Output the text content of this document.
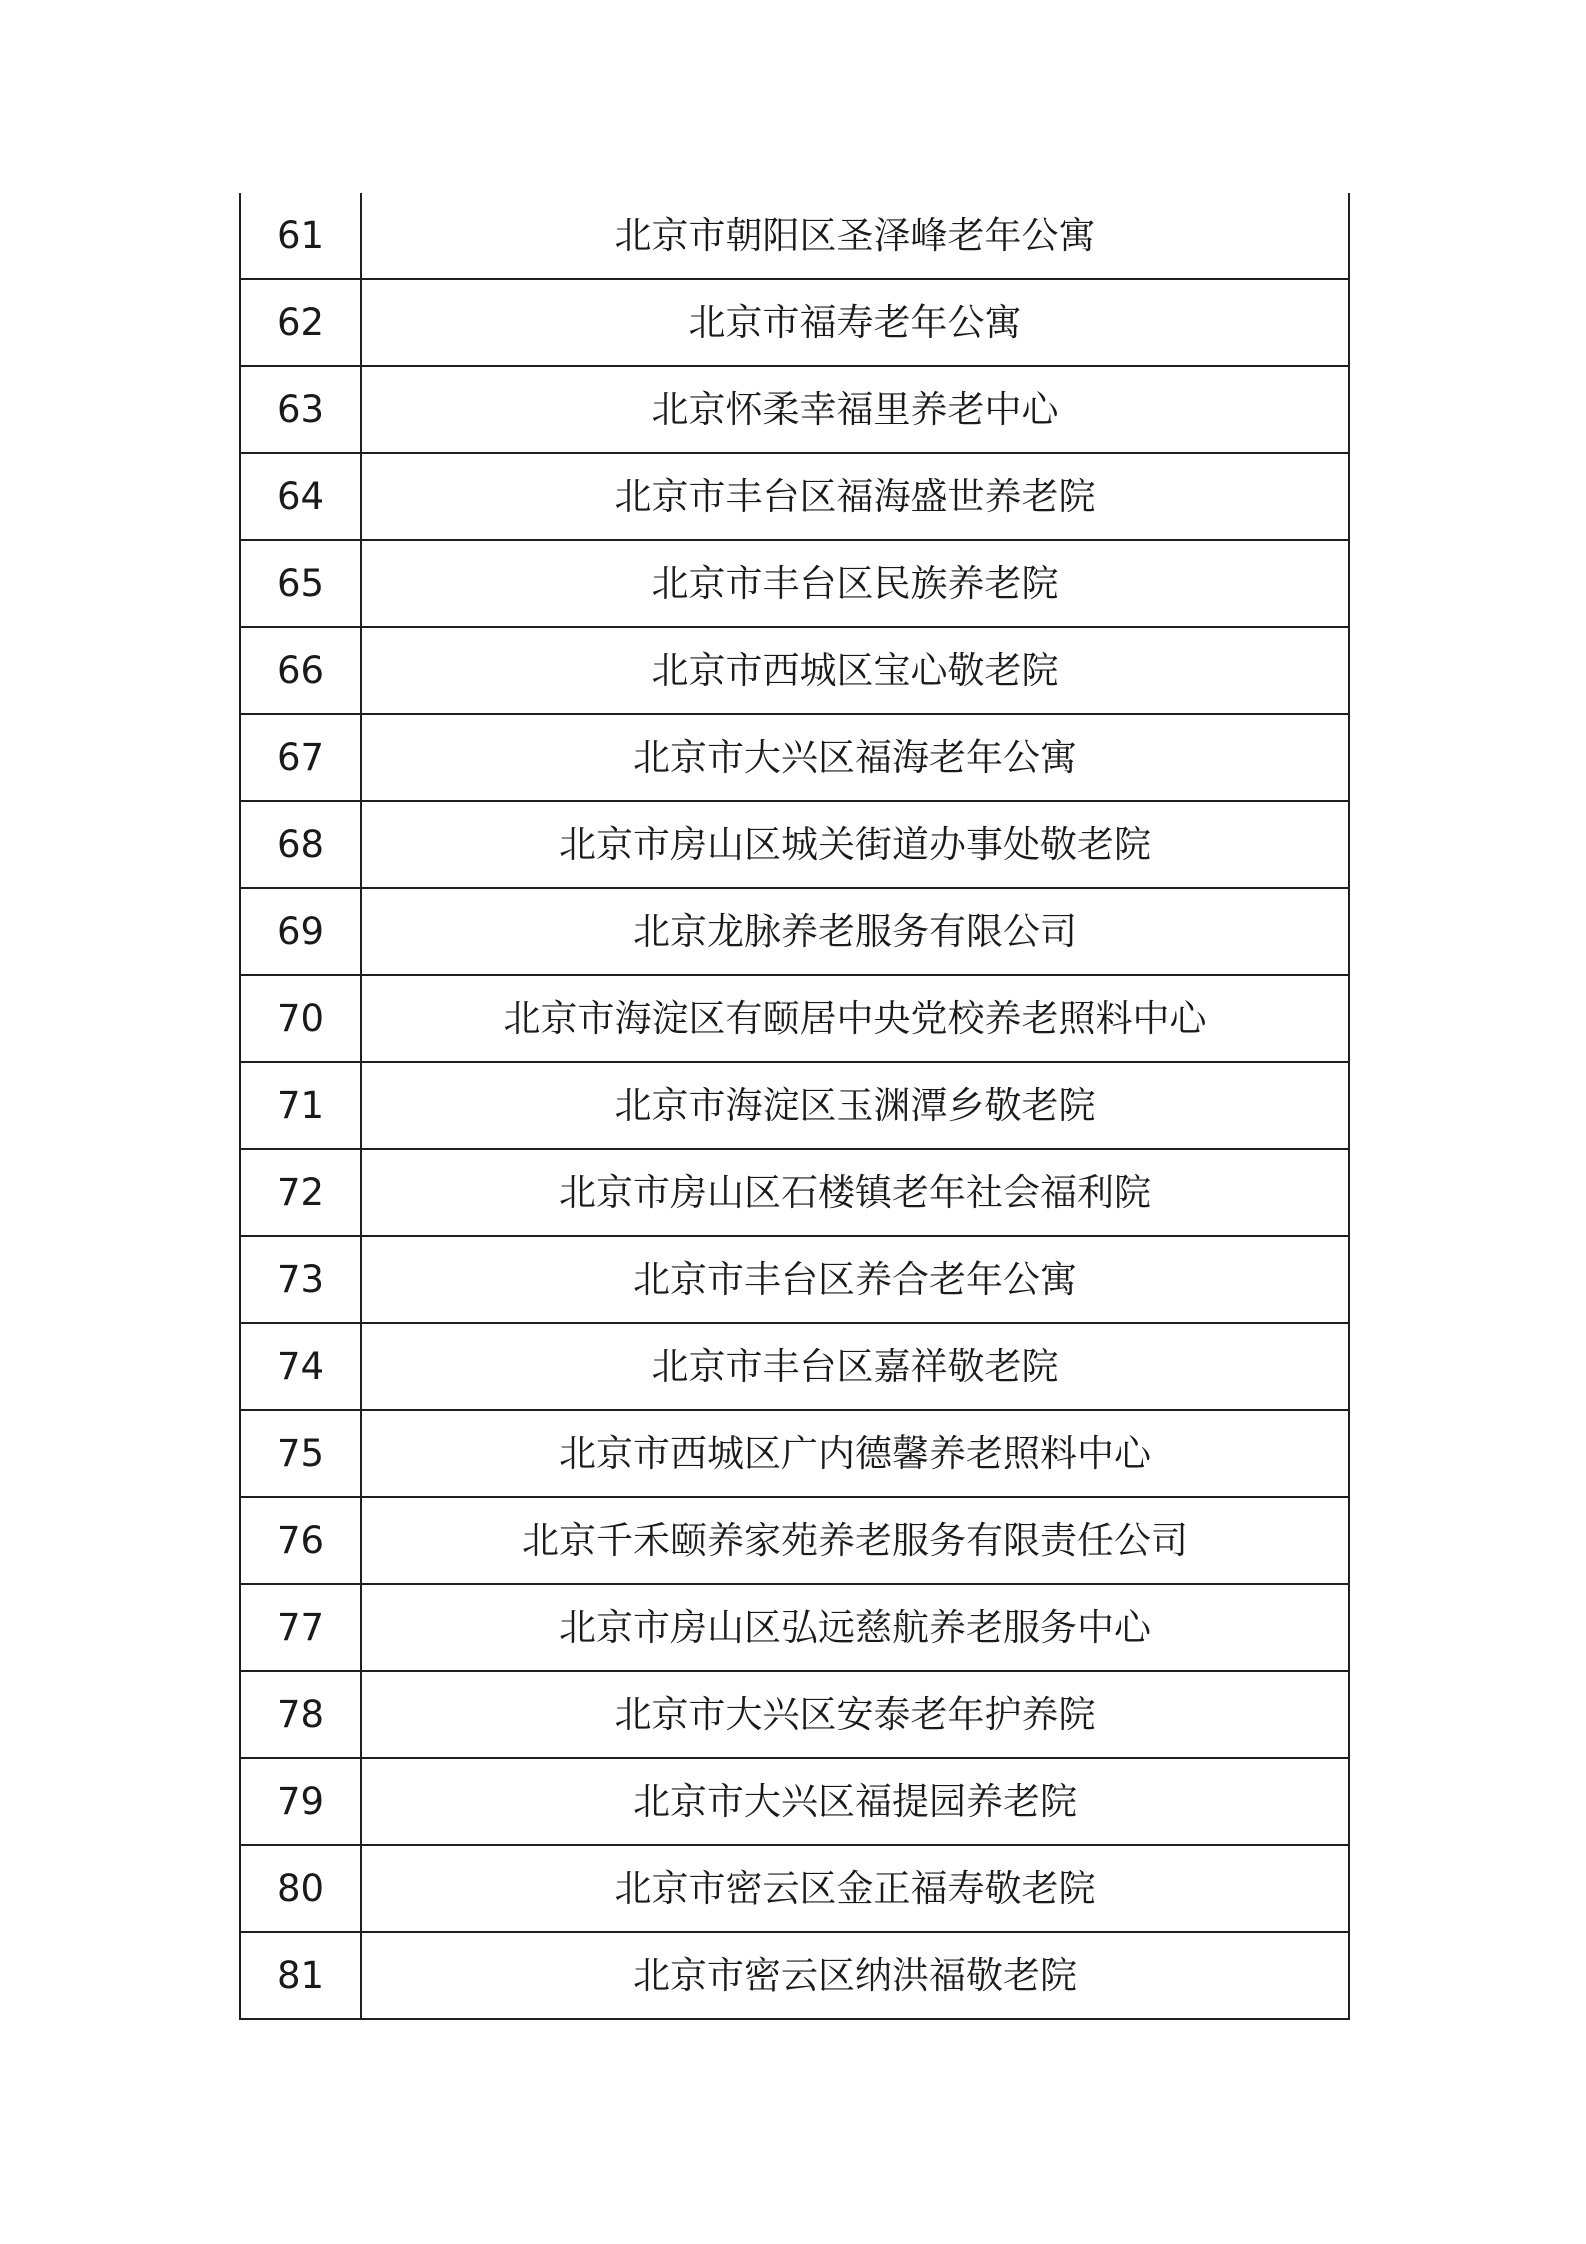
61	北京市朝阳区圣泽峰老年公寓
62	北京市福寿老年公寓
63	北京怀柔幸福里养老中心
64	北京市丰台区福海盛世养老院
65	北京市丰台区民族养老院
66	北京市西城区宝心敬老院
67	北京市大兴区福海老年公寓
68	北京市房山区城关街道办事处敬老院
69	北京龙脉养老服务有限公司
70	北京市海淀区有颐居中央党校养老照料中心
71	北京市海淀区玉渊潭乡敬老院
72	北京市房山区石楼镇老年社会福利院
73	北京市丰台区养合老年公寓
74	北京市丰台区嘉祥敬老院
75	北京市西城区广内德馨养老照料中心
76	北京千禾颐养家苑养老服务有限责任公司
77	北京市房山区弘远慈航养老服务中心
78	北京市大兴区安泰老年护养院
79	北京市大兴区福提园养老院
80	北京市密云区金正福寿敬老院
81	北京市密云区纳洪福敬老院
